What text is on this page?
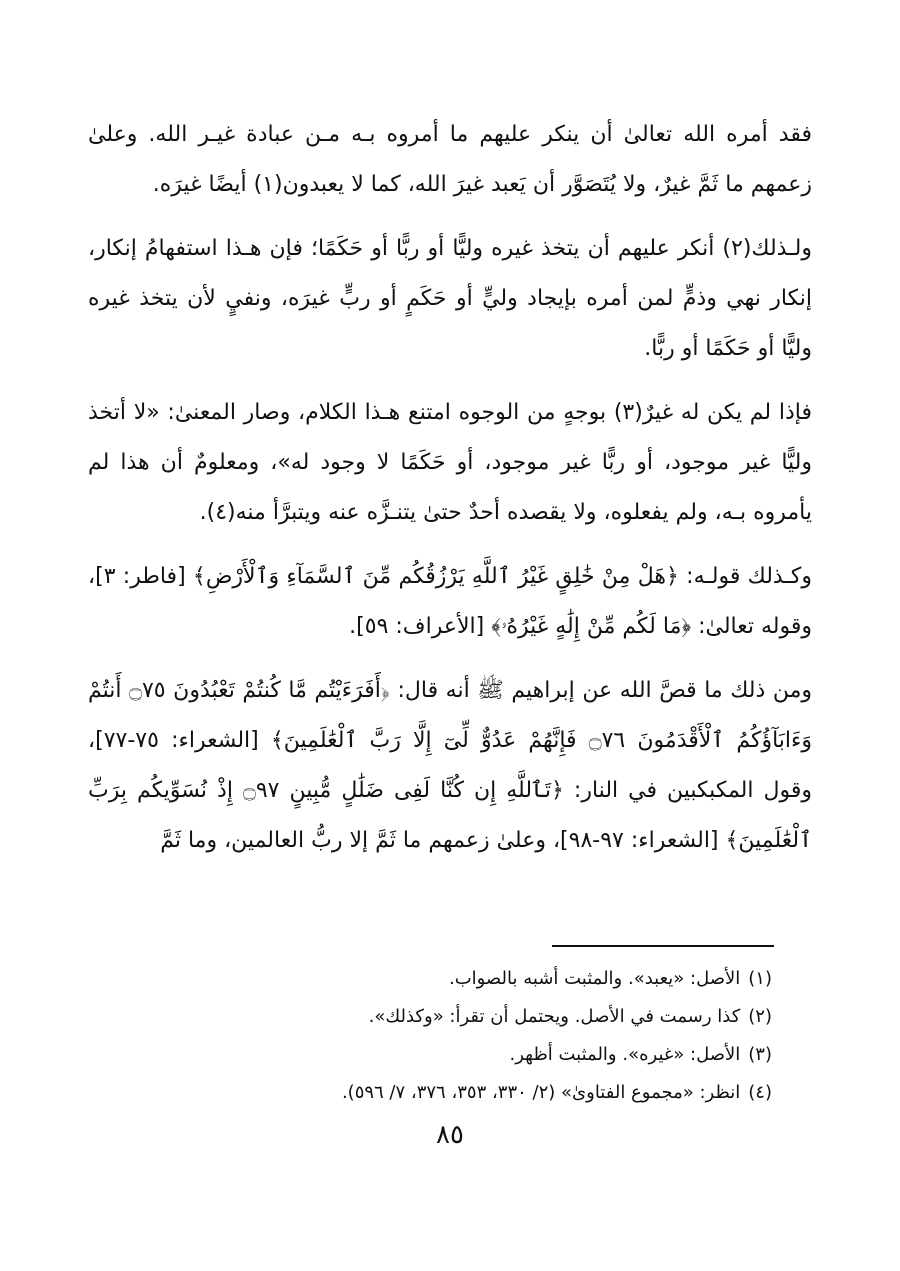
فقد أمره الله تعالىٰ أن ينكر عليهم ما أمروه بـه مـن عبادة غيـر الله. وعلىٰ زعمهم ما ثَمَّ غيرٌ، ولا يُتَصَوَّر أن يَعبد غيرَ الله، كما لا يعبدون(١) أيضًا غيرَه.

ولـذلك(٢) أنكر عليهم أن يتخذ غيره وليًّا أو ربًّا أو حَكَمًا؛ فإن هـذا استفهامُ إنكار، إنكار نهي وذمٍّ لمن أمره بإيجاد وليٍّ أو حَكَمٍ أو ربٍّ غيرَه، ونفيٍ لأن يتخذ غيره وليًّا أو حَكَمًا أو ربًّا.

فإذا لم يكن له غيرٌ(٣) بوجهٍ من الوجوه امتنع هـذا الكلام، وصار المعنىٰ: «لا أتخذ وليًّا غير موجود، أو ربًّا غير موجود، أو حَكَمًا لا وجود له»، ومعلومٌ أن هذا لم يأمروه بـه، ولم يفعلوه، ولا يقصده أحدٌ حتىٰ يتنـزَّه عنه ويتبرَّأ منه(٤).

وكـذلك قولـه: ﴿هَلْ مِنْ خَٰلِقٍ غَيْرُ ٱللَّهِ يَرْزُقُكُم مِّنَ ٱلسَّمَآءِ وَٱلْأَرْضِ﴾ [فاطر: ٣]، وقوله تعالىٰ: ﴿مَا لَكُم مِّنْ إِلَٰهٍ غَيْرُهُۥ﴾ [الأعراف: ٥٩].

ومن ذلك ما قصَّ الله عن إبراهيم ﷺ أنه قال: ﴿أَفَرَءَيْتُم مَّا كُنتُمْ تَعْبُدُونَ ۝٧٥ أَنتُمْ وَءَابَآؤُكُمُ ٱلْأَقْدَمُونَ ۝٧٦ فَإِنَّهُمْ عَدُوٌّ لِّىٓ إِلَّا رَبَّ ٱلْعَٰلَمِينَ﴾ [الشعراء: ٧٥-٧٧]، وقول المكبكبين في النار: ﴿تَٱللَّهِ إِن كُنَّا لَفِى ضَلَٰلٍ مُّبِينٍ ۝٩٧ إِذْ نُسَوِّيكُم بِرَبِّ ٱلْعَٰلَمِينَ﴾ [الشعراء: ٩٧-٩٨]، وعلىٰ زعمهم ما ثَمَّ إلا ربُّ العالمين، وما ثَمَّ

(١)الأصل: «يعبد». والمثبت أشبه بالصواب.
(٢)كذا رسمت في الأصل. ويحتمل أن تقرأ: «وكذلك».
(٣)الأصل: «غيره». والمثبت أظهر.
(٤)انظر: «مجموع الفتاوىٰ» (٢/ ٣٣٠، ٣٥٣، ٣٧٦، ٧/ ٥٩٦).
٨٥
